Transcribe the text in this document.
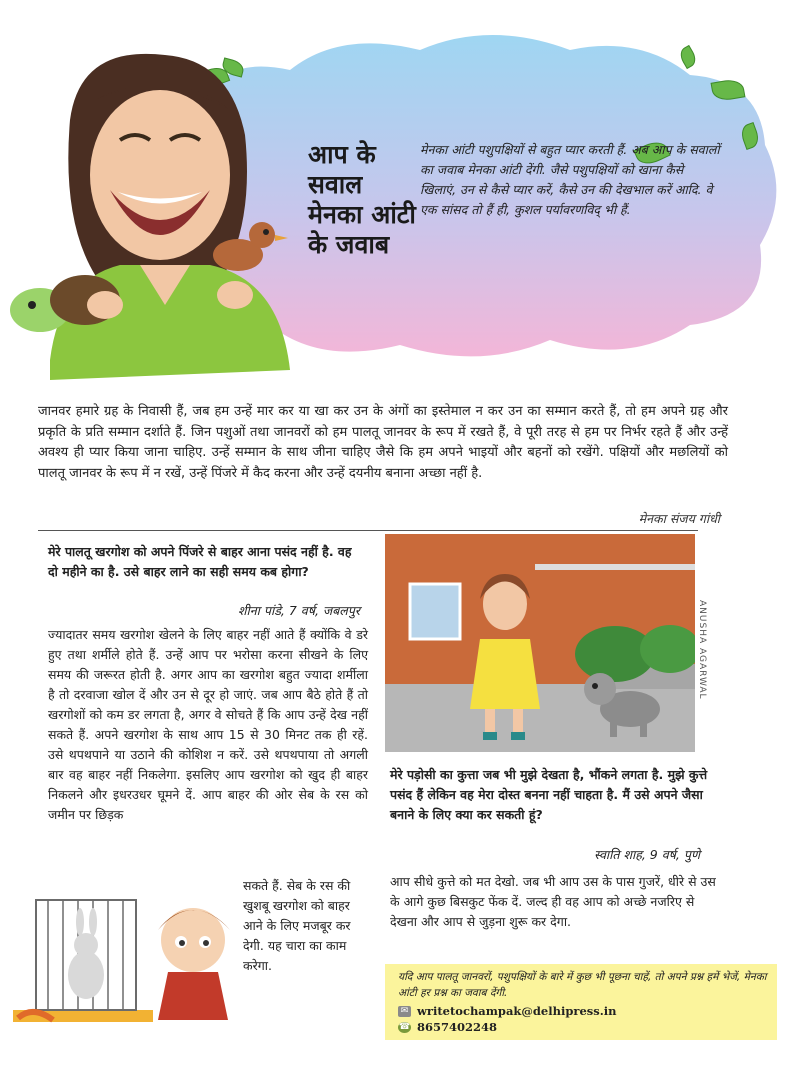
आप के
सवाल
मेनका आंटी
के जवाब
मेनका आंटी पशुपक्षियों से बहुत प्यार करती हैं. अब आप के सवालों का जवाब मेनका आंटी देंगी. जैसे पशुपक्षियों को खाना कैसे खिलाएं, उन से कैसे प्यार करें, कैसे उन की देखभाल करें आदि. वे एक सांसद तो हैं ही, कुशल पर्यावरणविद् भी हैं.
जानवर हमारे ग्रह के निवासी हैं, जब हम उन्हें मार कर या खा कर उन के अंगों का इस्तेमाल न कर उन का सम्मान करते हैं, तो हम अपने ग्रह और प्रकृति के प्रति सम्मान दर्शाते हैं. जिन पशुओं तथा जानवरों को हम पालतू जानवर के रूप में रखते हैं, वे पूरी तरह से हम पर निर्भर रहते हैं और उन्हें अवश्य ही प्यार किया जाना चाहिए. उन्हें सम्मान के साथ जीना चाहिए जैसे कि हम अपने भाइयों और बहनों को रखेंगे. पक्षियों और मछलियों को पालतू जानवर के रूप में न रखें, उन्हें पिंजरे में कैद करना और उन्हें दयनीय बनाना अच्छा नहीं है.
मेनका संजय गांधी
मेरे पालतू खरगोश को अपने पिंजरे से बाहर आना पसंद नहीं है. वह दो महीने का है. उसे बाहर लाने का सही समय कब होगा?
शीना पांडे, 7 वर्ष, जबलपुर
ज्यादातर समय खरगोश खेलने के लिए बाहर नहीं आते हैं क्योंकि वे डरे हुए तथा शर्मीले होते हैं. उन्हें आप पर भरोसा करना सीखने के लिए समय की जरूरत होती है. अगर आप का खरगोश बहुत ज्यादा शर्मीला है तो दरवाजा खोल दें और उन से दूर हो जाएं. जब आप बैठे होते हैं तो खरगोशों को कम डर लगता है, अगर वे सोचते हैं कि आप उन्हें देख नहीं सकते हैं. अपने खरगोश के साथ आप 15 से 30 मिनट तक ही रहें. उसे थपथपाने या उठाने की कोशिश न करें. उसे थपथपाया तो अगली बार वह बाहर नहीं निकलेगा. इसलिए आप खरगोश को खुद ही बाहर निकलने और इधरउधर घूमने दें. आप बाहर की ओर सेब के रस को जमीन पर छिड़क
सकते हैं. सेब के रस की खुशबू खरगोश को बाहर आने के लिए मजबूर कर देगी. यह चारा का काम करेगा.
ANUSHA AGARWAL
मेरे पड़ोसी का कुत्ता जब भी मुझे देखता है, भौंकने लगता है. मुझे कुत्ते पसंद हैं लेकिन वह मेरा दोस्त बनना नहीं चाहता है. मैं उसे अपने जैसा बनाने के लिए क्या कर सकती हूं?
स्वाति शाह, 9 वर्ष, पुणे
आप सीधे कुत्ते को मत देखो. जब भी आप उस के पास गुजरें, धीरे से उस के आगे कुछ बिसकुट फेंक दें. जल्द ही वह आप को अच्छे नजरिए से देखना और आप से जुड़ना शुरू कर देगा.
यदि आप पालतू जानवरों, पशुपक्षियों के बारे में कुछ भी पूछना चाहें, तो अपने प्रश्न हमें भेजें, मेनका आंटी हर प्रश्न का जवाब देंगी.
✉ writetochampak@delhipress.in
☎ 8657402248
